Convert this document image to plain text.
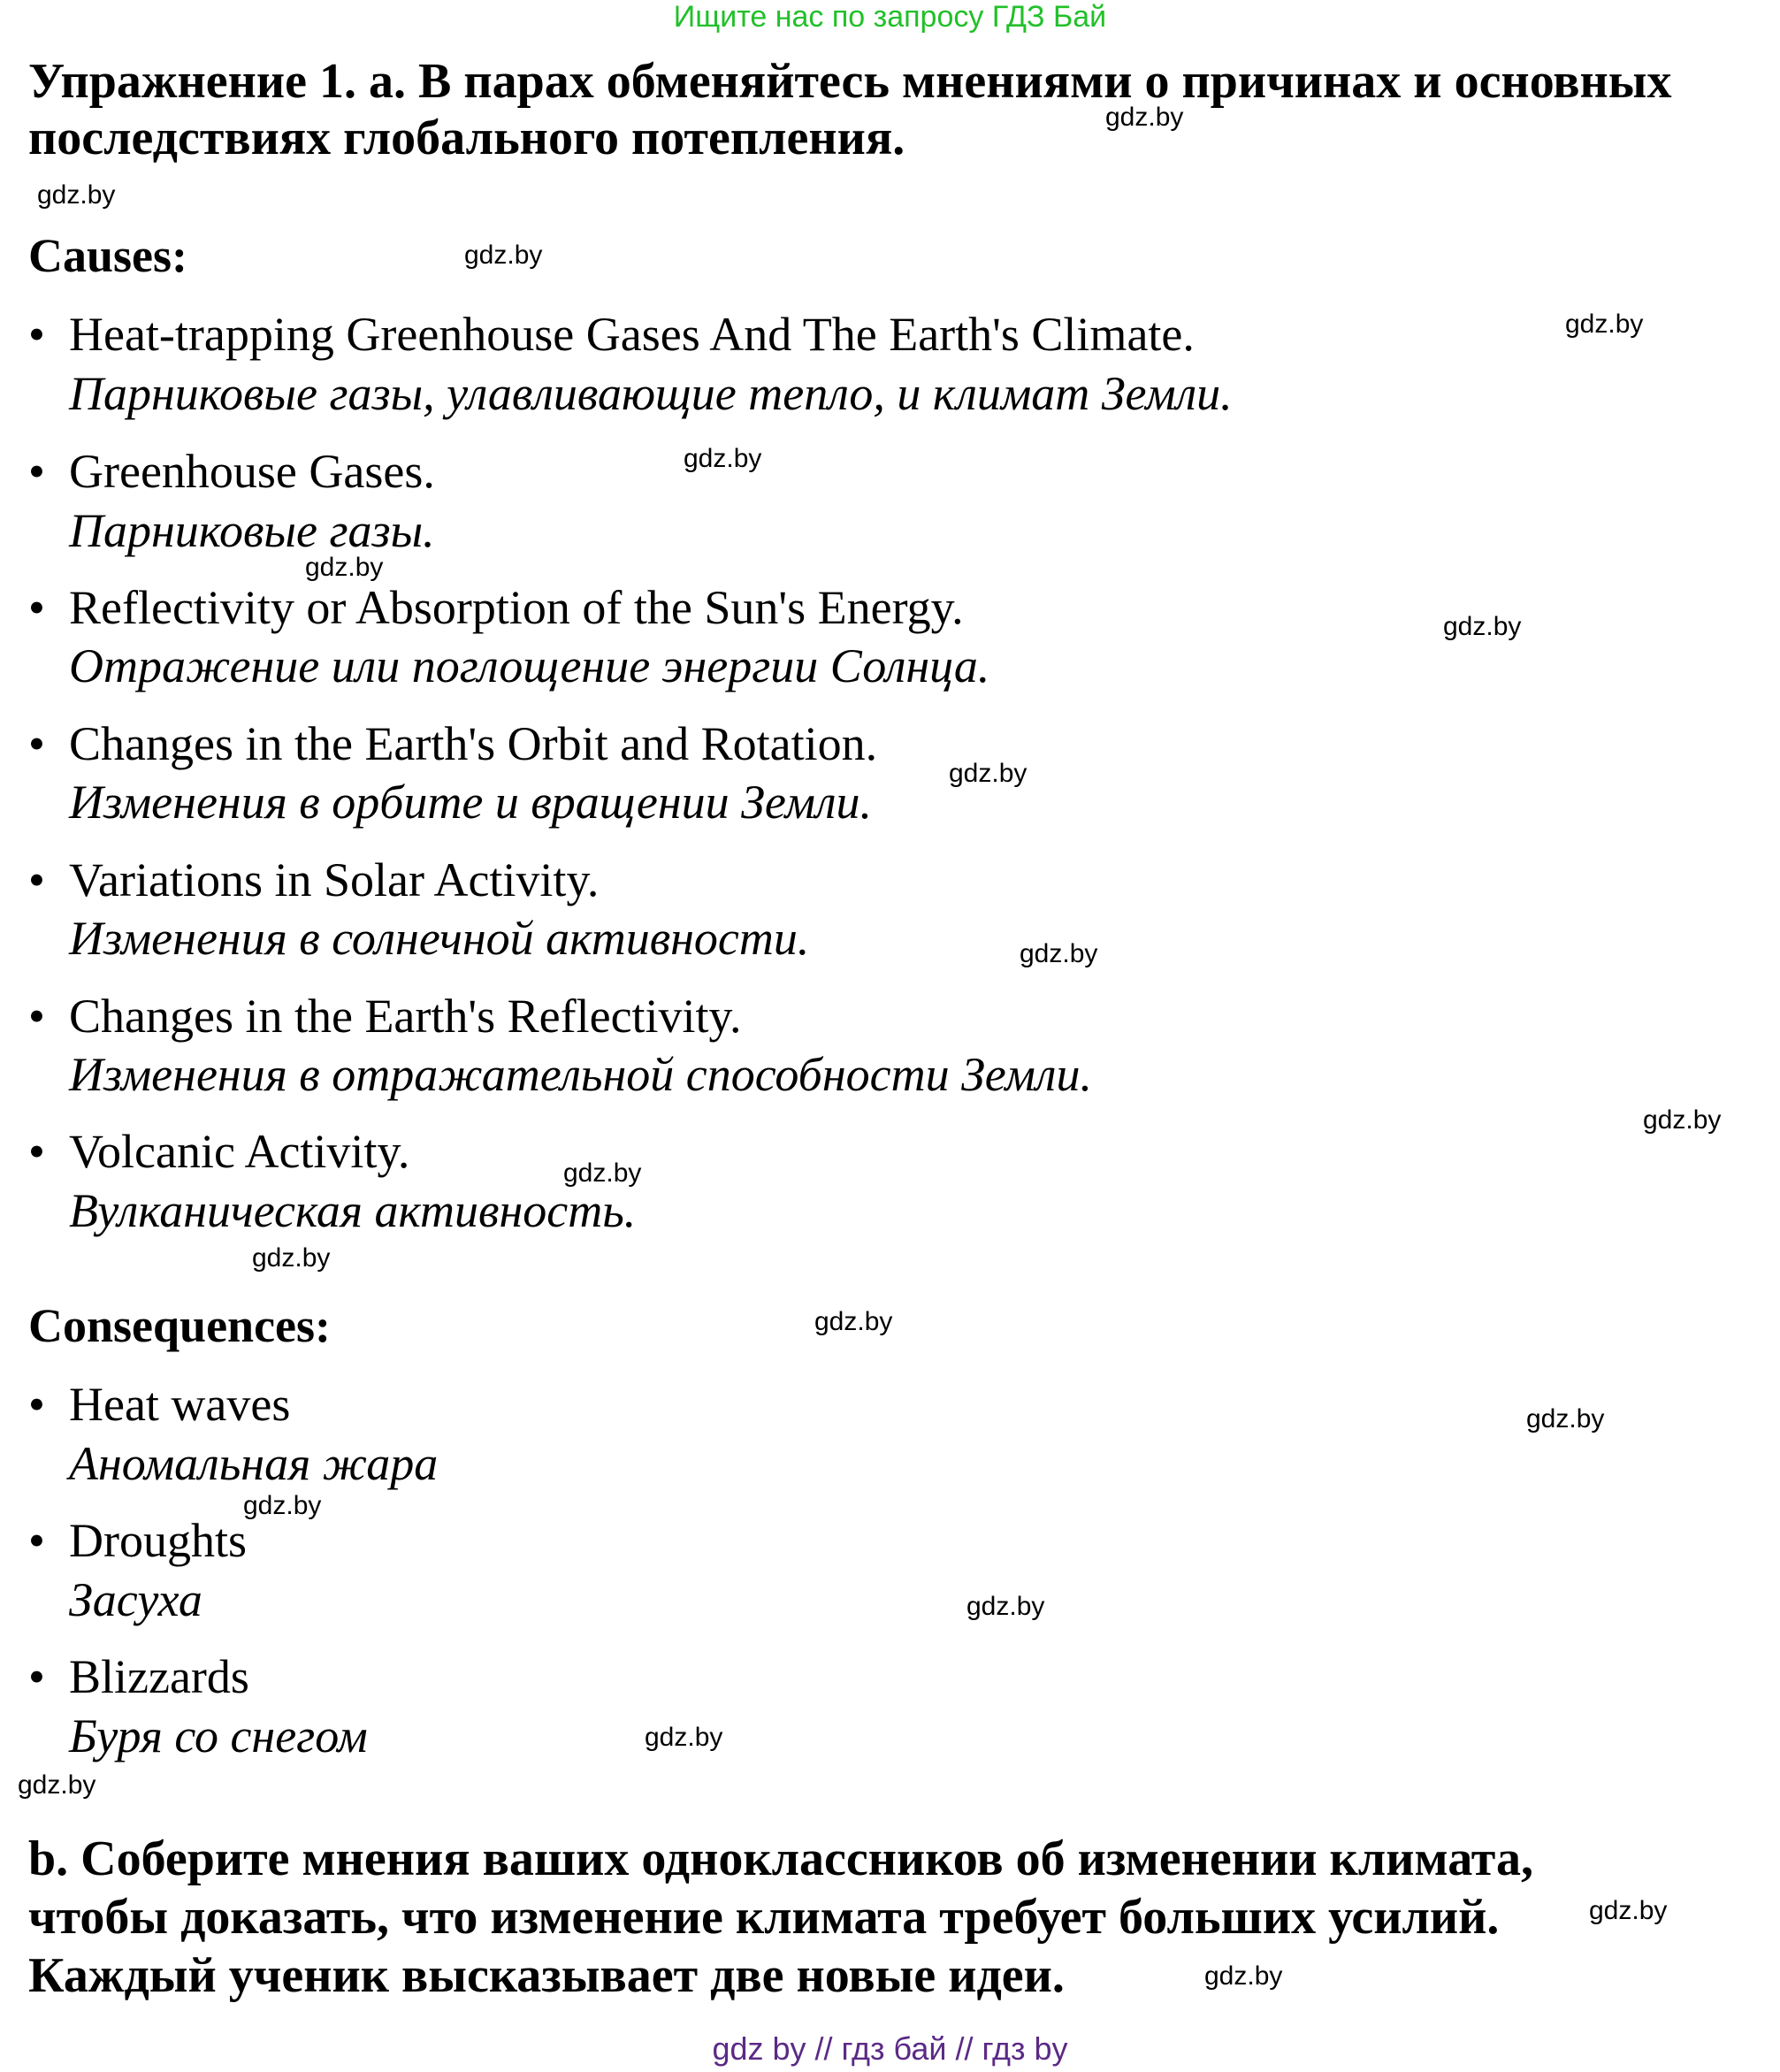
Ищите нас по запросу ГДЗ Бай
Упражнение 1. а. В парах обменяйтесь мнениями о причинах и основных
последствиях глобального потепления.
Causes:
• Heat-trapping Greenhouse Gases And The Earth's Climate.
Парниковые газы, улавливающие тепло, и климат Земли.
• Greenhouse Gases.
Парниковые газы.
• Reflectivity or Absorption of the Sun's Energy.
Отражение или поглощение энергии Солнца.
• Changes in the Earth's Orbit and Rotation.
Изменения в орбите и вращении Земли.
• Variations in Solar Activity.
Изменения в солнечной активности.
• Changes in the Earth's Reflectivity.
Изменения в отражательной способности Земли.
• Volcanic Activity.
Вулканическая активность.
Consequences:
• Heat waves
Аномальная жара
• Droughts
Засуха
• Blizzards
Буря со снегом
b. Соберите мнения ваших одноклассников об изменении климата,
чтобы доказать, что изменение климата требует больших усилий.
Каждый ученик высказывает две новые идеи.
gdz.by
gdz.by
gdz.by
gdz.by
gdz.by
gdz.by
gdz.by
gdz.by
gdz.by
gdz.by
gdz.by
gdz.by
gdz.by
gdz.by
gdz.by
gdz.by
gdz.by
gdz.by
gdz.by
gdz.by
gdz by // гдз бай // гдз by
